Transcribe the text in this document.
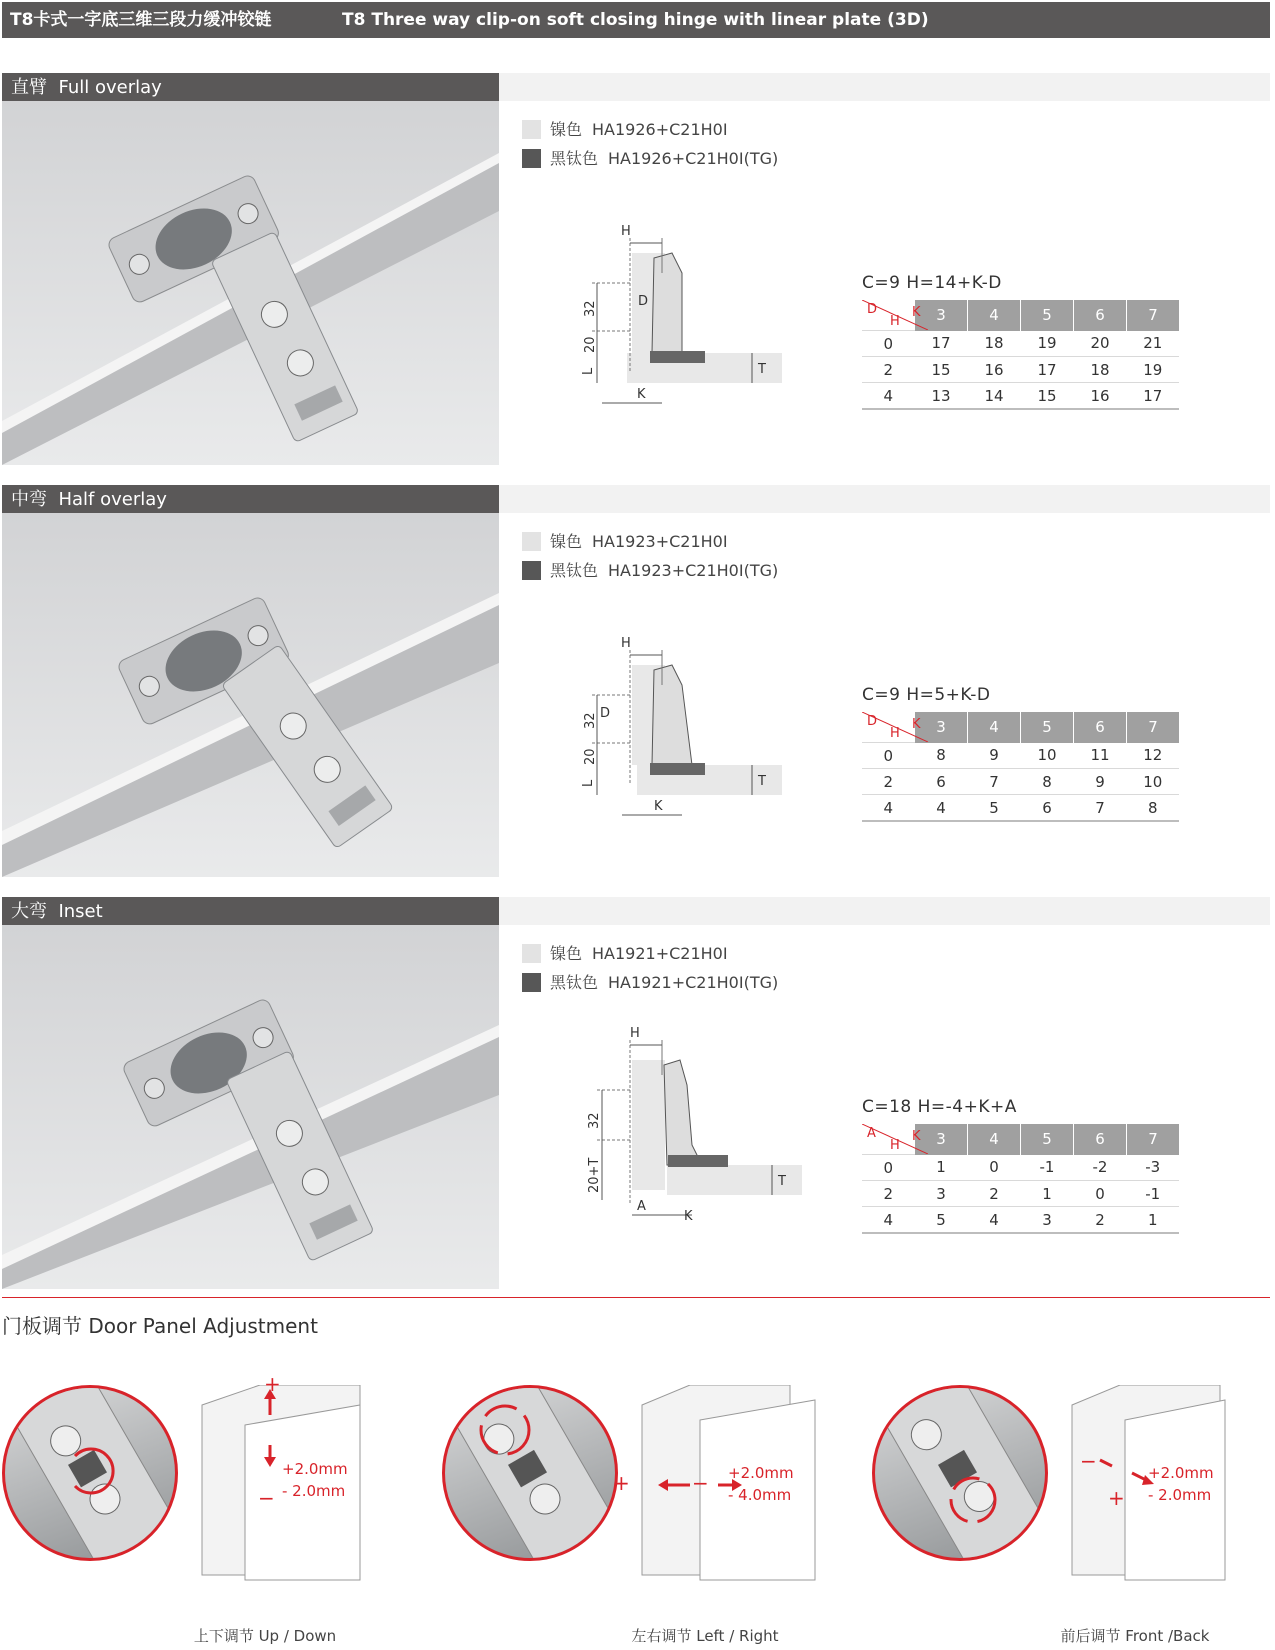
T8卡式一字底三维三段力缓冲铰链	T8 Three way clip-on soft closing hinge with linear plate (3D)
直臂 Full overlay
镍色 HA1926+C21H0I
黑钛色 HA1926+C21H0I(TG)
H
D
32
20
L	T
K
C=9 H=14+K-D
D
H
K	3	4	5	6	7
0	17	18	19	20	21
2	15	16	17	18	19
4	13	14	15	16	17
中弯 Half overlay
镍色 HA1923+C21H0I
黑钛色 HA1923+C21H0I(TG)
H
D
32
20
L	T
K
C=9 H=5+K-D
D
H
K	3	4	5	6	7
0	8	9	10	11	12
2	6	7	8	9	10
4	4	5	6	7	8
大弯 Inset
镍色 HA1921+C21H0I
黑钛色 HA1921+C21H0I(TG)
H
32
20+T	T
A
K
C=18 H=-4+K+A
A
H
K	3	4	5	6	7
0	1	0	-1	-2	-3
2	3	2	1	0	-1
4	5	4	3	2	1
门板调节 Door Panel Adjustment
+
−
+2.0mm
- 2.0mm
上下调节 Up / Down
+	− +2.0mm
- 4.0mm
左右调节 Left / Right
−
+
+2.0mm
- 2.0mm
前后调节 Front /Back
